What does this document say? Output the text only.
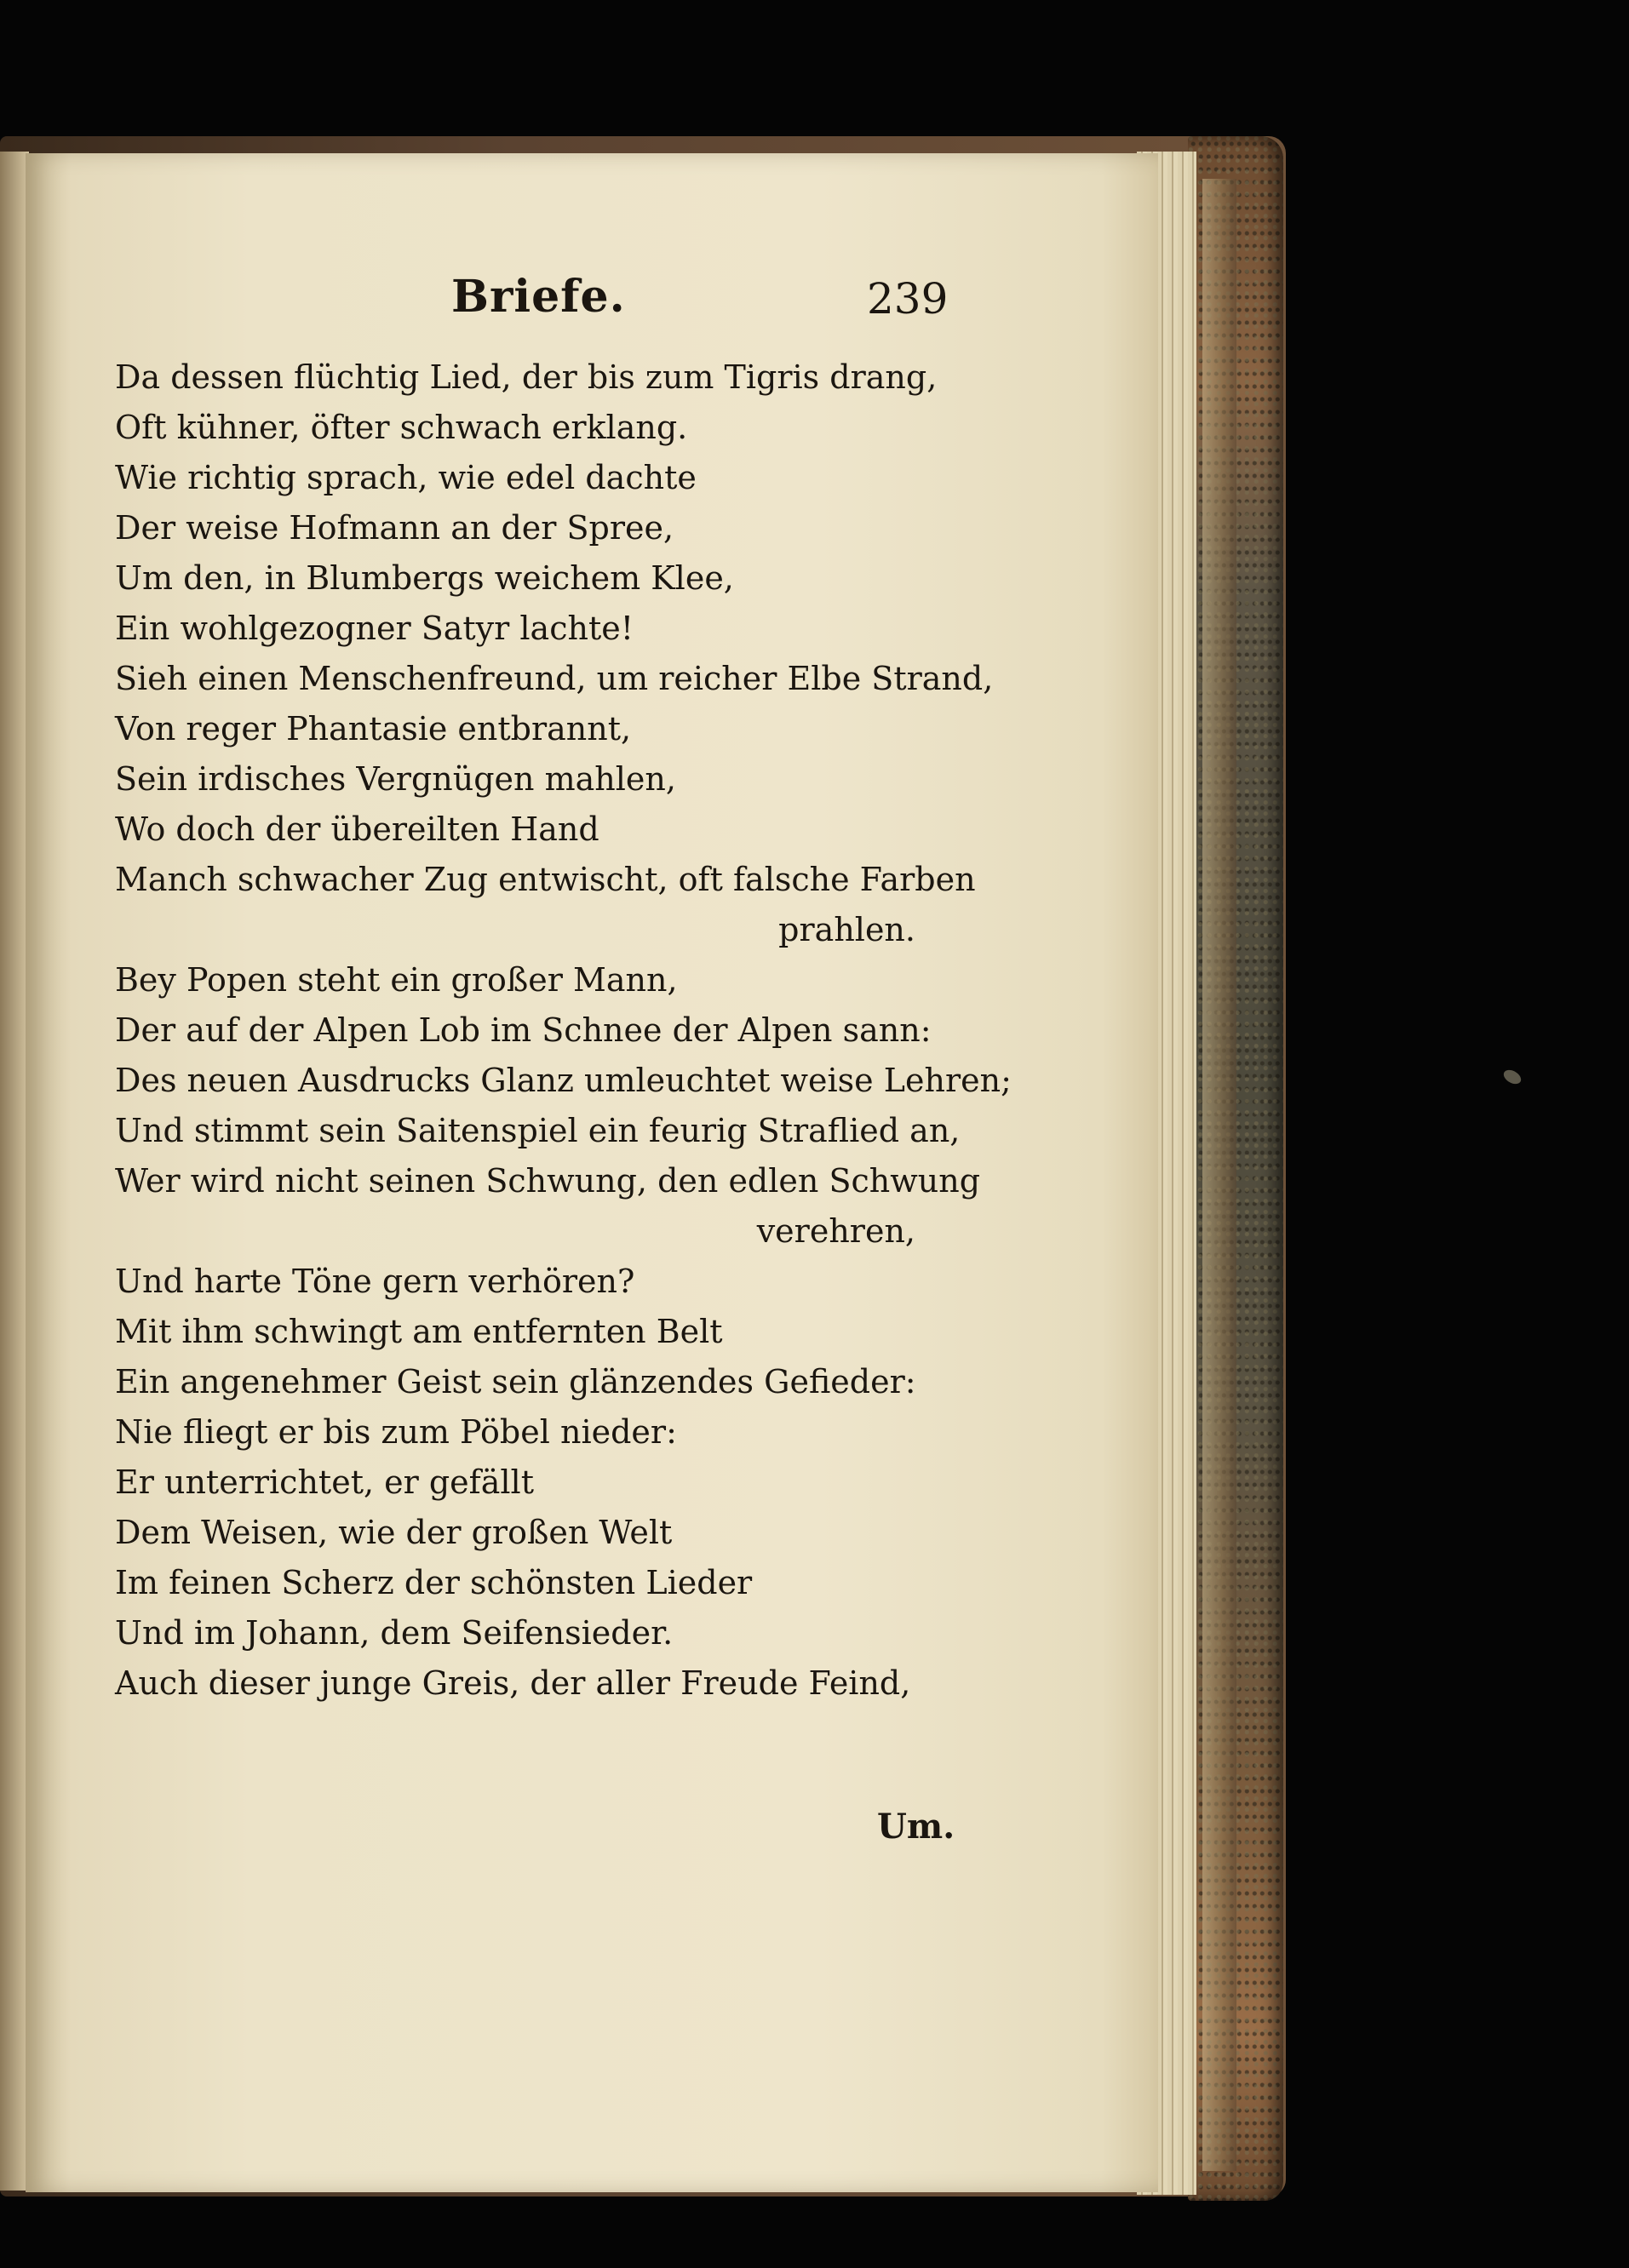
Briefe.	239
Da dessen flüchtig Lied, der bis zum Tigris drang,
Oft kühner, öfter schwach erklang.
Wie richtig sprach, wie edel dachte
Der weise Hofmann an der Spree,
Um den, in Blumbergs weichem Klee,
Ein wohlgezogner Satyr lachte!
Sieh einen Menschenfreund, um reicher Elbe Strand,
Von reger Phantasie entbrannt,
Sein irdisches Vergnügen mahlen,
Wo doch der übereilten Hand
Manch schwacher Zug entwischt, oft falsche Farben
prahlen.
Bey Popen steht ein großer Mann,
Der auf der Alpen Lob im Schnee der Alpen sann:
Des neuen Ausdrucks Glanz umleuchtet weise Lehren;
Und stimmt sein Saitenspiel ein feurig Straflied an,
Wer wird nicht seinen Schwung, den edlen Schwung
verehren,
Und harte Töne gern verhören?
Mit ihm schwingt am entfernten Belt
Ein angenehmer Geist sein glänzendes Gefieder:
Nie fliegt er bis zum Pöbel nieder:
Er unterrichtet, er gefällt
Dem Weisen, wie der großen Welt
Im feinen Scherz der schönsten Lieder
Und im Johann, dem Seifensieder.
Auch dieser junge Greis, der aller Freude Feind,
Um.
